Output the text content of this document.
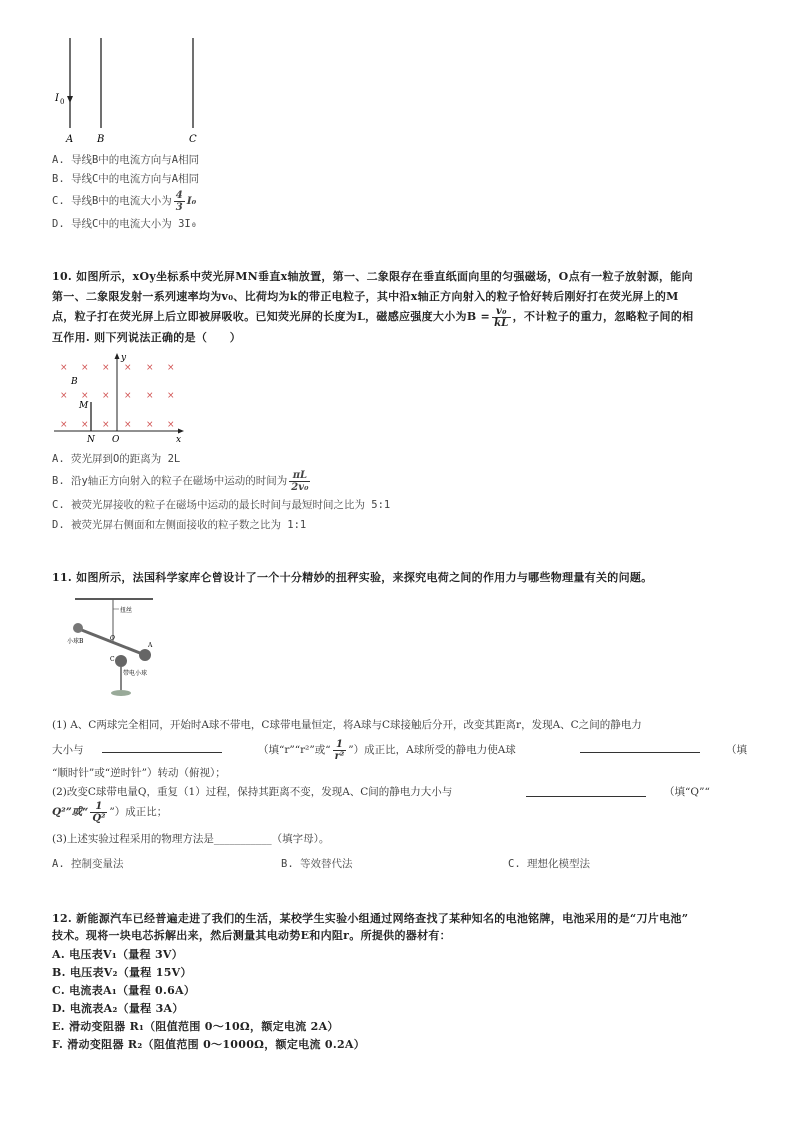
I 0
A B	C
A. 导线B中的电流方向与A相同
B. 导线C中的电流方向与A相同
C. 导线B中的电流大小为 $\frac{4}{3} I_0$
D. 导线C中的电流大小为 3I₀
10. 如图所示，xOy坐标系中荧光屏MN垂直x轴放置，第一、二象限存在垂直纸面向里的匀强磁场，O点有一粒子放射源，能向
第一、二象限发射一系列速率均为v₀、比荷均为k的带正电粒子，其中沿x轴正方向射入的粒子恰好转后刚好打在荧光屏上的M
点，粒子打在荧光屏上后立即被屏吸收。已知荧光屏的长度为L，磁感应强度大小为$B = \frac{\text{v₀}}{kL}$ ，不计粒子的重力，忽略粒子间的相
互作用. 则下列说法正确的是（　　）
× × × × × ×
× × × × × ×
× × × × × ×
y
B
M
N O	x
A. 荧光屏到O的距离为 2L
B. 沿y轴正方向射入的粒子在磁场中运动的时间为 $\frac{\pi L}{\text{2v₀}}$
C. 被荧光屏接收的粒子在磁场中运动的最长时间与最短时间之比为 5:1
D. 被荧光屏右侧面和左侧面接收的粒子数之比为 1:1
11. 如图所示，法国科学家库仑曾设计了一个十分精妙的扭秤实验，来探究电荷之间的作用力与哪些物理量有关的问题。
扭丝
小球B	O
A
C
带电小球
(1) A、C两球完全相同，开始时A球不带电，C球带电量恒定，将A球与C球接触后分开，改变其距离r，发现A、C之间的静电力
大小与	（填“r”“r²”或“ $\frac{1}{\text{r²}}$ ”）成正比，A球所受的静电力使A球	（填
“顺时针”或“逆时针”）转动（俯视）；
(2)改变C球带电量Q，重复（1）过程，保持其距离不变，发现A、C间的静电力大小与	（填“Q”“
Q²”或“ $\frac{1}{\text{Q²}}$ ”）成正比；
(3)上述实验过程采用的物理方法是___________（填字母）。
A. 控制变量法	B. 等效替代法	C. 理想化模型法
12. 新能源汽车已经普遍走进了我们的生活，某校学生实验小组通过网络查找了某种知名的电池铭牌，电池采用的是“刀片电池”
技术。现将一块电芯拆解出来，然后测量其电动势E和内阻r。所提供的器材有：
A. 电压表V₁（量程 3V）
B. 电压表V₂（量程 15V）
C. 电流表A₁（量程 0.6A）
D. 电流表A₂（量程 3A）
E. 滑动变阻器 R₁（阻值范围 0～10Ω，额定电流 2A）
F. 滑动变阻器 R₂（阻值范围 0～1000Ω，额定电流 0.2A）
